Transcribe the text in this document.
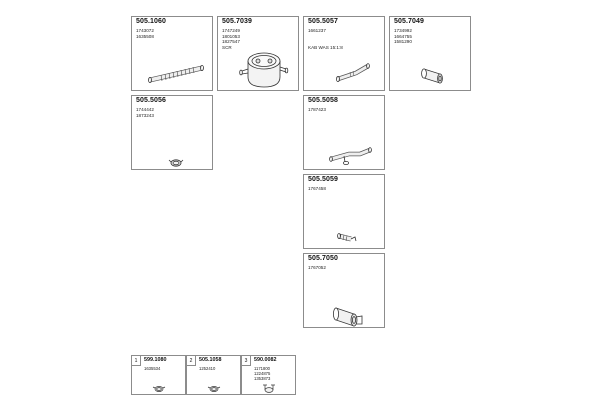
505.1060
1743072
1635508
505.7039
1747249
1801053
1827547
SCR
505.5057
1661237

KAB WAS 15:1:8
505.7049
1734992
1664755
1581290
505.5056
1744442
1873243
505.5058
1787423
505.5059
1767458
505.7050
1767052
1	599.1080
1635534
2	505.1058
1252410
3	590.0082
1171800
1224875
1353873
